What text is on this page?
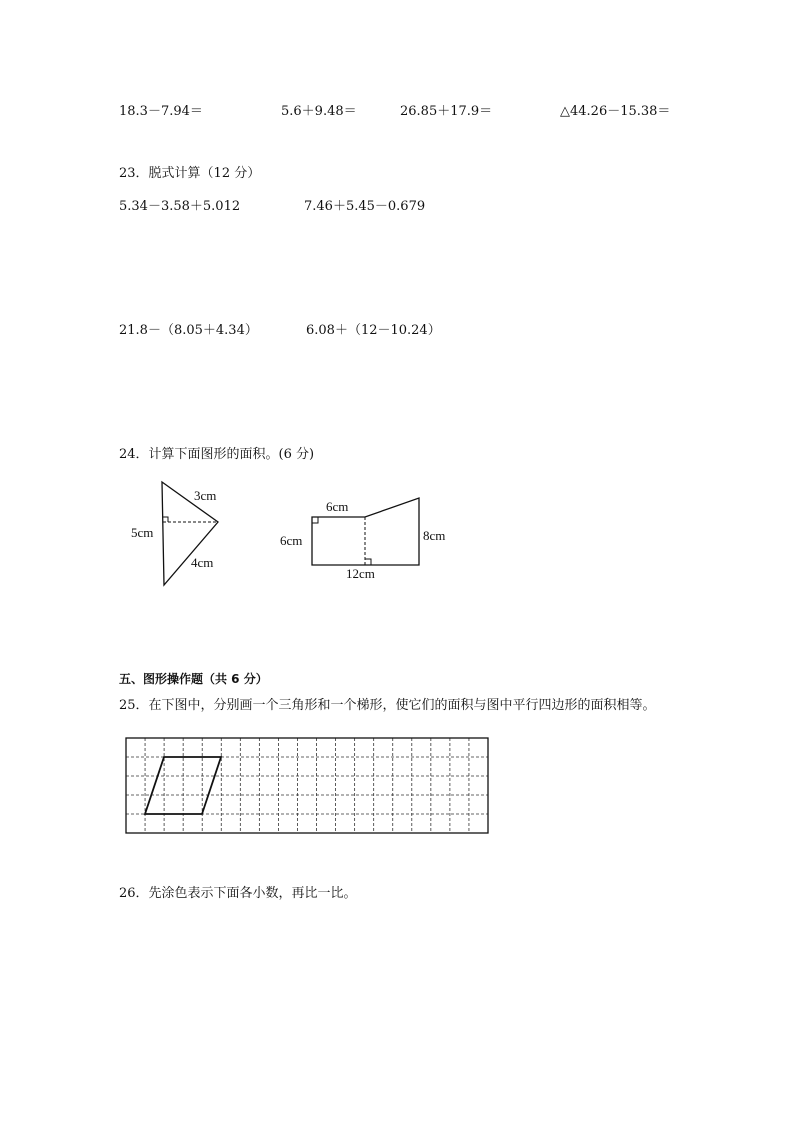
18.3－7.94＝	5.6＋9.48＝	26.85＋17.9＝	△44.26－15.38＝
23．脱式计算（12 分）
5.34－3.58＋5.012	7.46＋5.45－0.679
21.8－（8.05＋4.34）	6.08＋（12－10.24）
24．计算下面图形的面积。(6 分)
3cm
5cm
4cm
6cm
6cm	8cm
12cm
五、图形操作题（共 6 分）
25．在下图中，分别画一个三角形和一个梯形，使它们的面积与图中平行四边形的面积相等。
26．先涂色表示下面各小数，再比一比。
